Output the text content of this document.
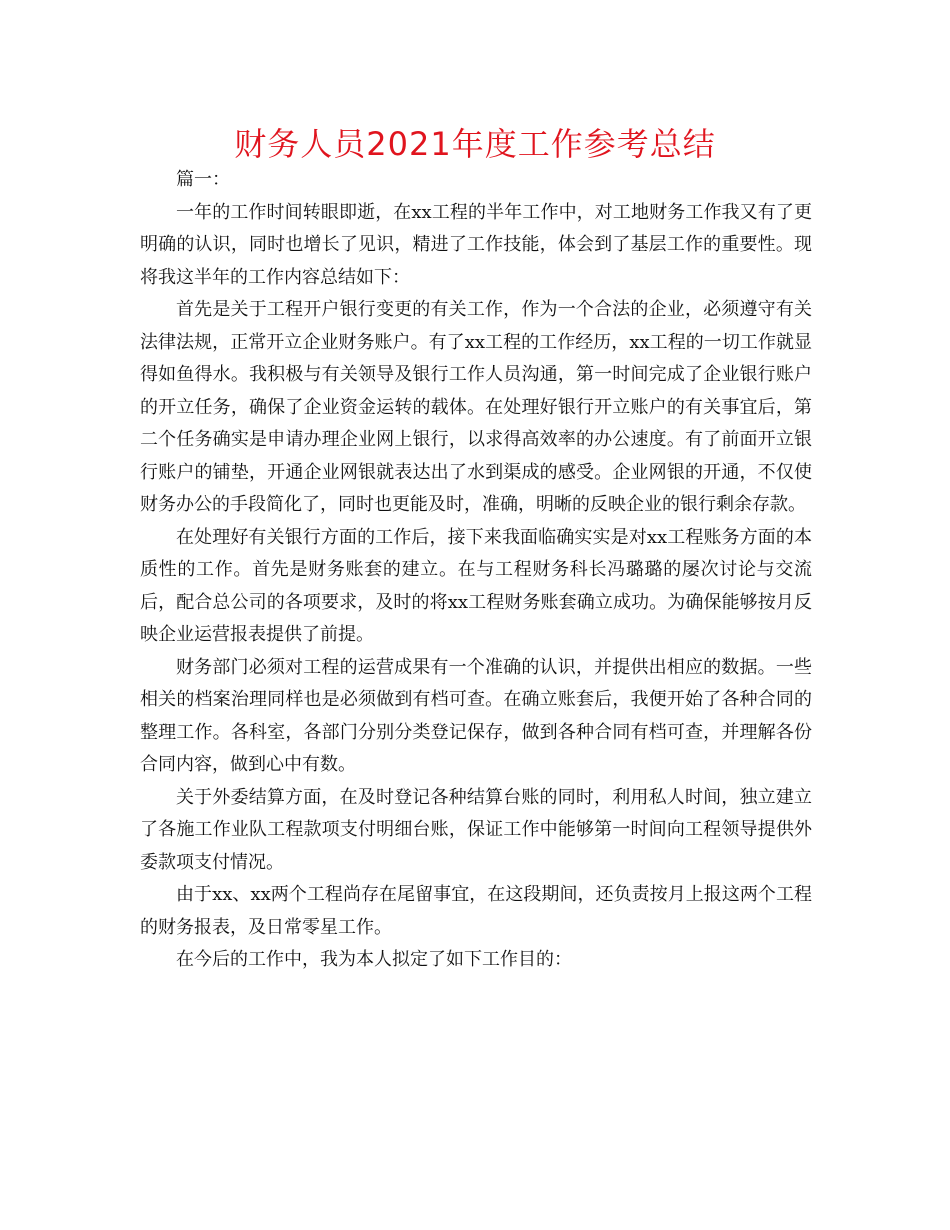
财务人员2021年度工作参考总结

篇一：

一年的工作时间转眼即逝，在xx工程的半年工作中，对工地财务工作我又有了更明确的认识，同时也增长了见识，精进了工作技能，体会到了基层工作的重要性。现将我这半年的工作内容总结如下：

首先是关于工程开户银行变更的有关工作，作为一个合法的企业，必须遵守有关法律法规，正常开立企业财务账户。有了xx工程的工作经历，xx工程的一切工作就显得如鱼得水。我积极与有关领导及银行工作人员沟通，第一时间完成了企业银行账户的开立任务，确保了企业资金运转的载体。在处理好银行开立账户的有关事宜后，第二个任务确实是申请办理企业网上银行，以求得高效率的办公速度。有了前面开立银行账户的铺垫，开通企业网银就表达出了水到渠成的感受。企业网银的开通，不仅使财务办公的手段简化了，同时也更能及时，准确，明晰的反映企业的银行剩余存款。

在处理好有关银行方面的工作后，接下来我面临确实实是对xx工程账务方面的本质性的工作。首先是财务账套的建立。在与工程财务科长冯璐璐的屡次讨论与交流后，配合总公司的各项要求，及时的将xx工程财务账套确立成功。为确保能够按月反映企业运营报表提供了前提。

财务部门必须对工程的运营成果有一个准确的认识，并提供出相应的数据。一些相关的档案治理同样也是必须做到有档可查。在确立账套后，我便开始了各种合同的整理工作。各科室，各部门分别分类登记保存，做到各种合同有档可查，并理解各份合同内容，做到心中有数。

关于外委结算方面，在及时登记各种结算台账的同时，利用私人时间，独立建立了各施工作业队工程款项支付明细台账，保证工作中能够第一时间向工程领导提供外委款项支付情况。

由于xx、xx两个工程尚存在尾留事宜，在这段期间，还负责按月上报这两个工程的财务报表，及日常零星工作。

在今后的工作中，我为本人拟定了如下工作目的：
